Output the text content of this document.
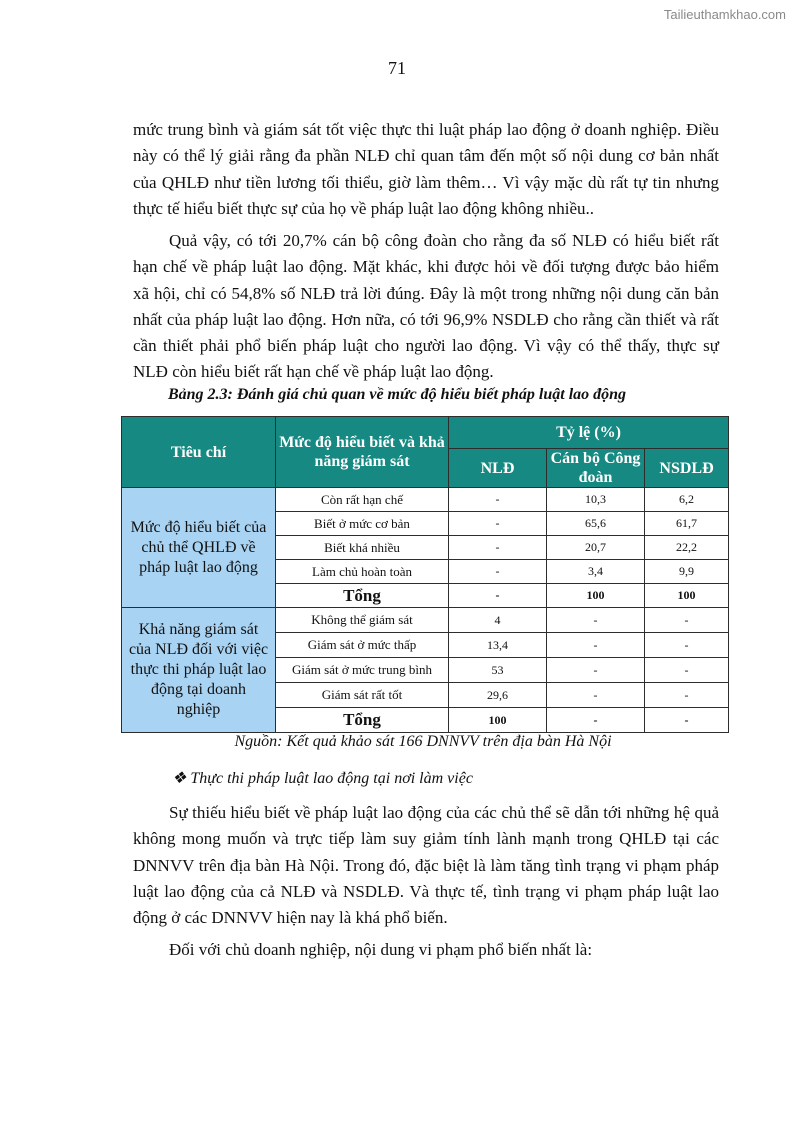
Tailieuthamkhao.com
71

mức trung bình và giám sát tốt việc thực thi luật pháp lao động ở doanh nghiệp. Điều này có thể lý giải rằng đa phần NLĐ chỉ quan tâm đến một số nội dung cơ bản nhất của QHLĐ như tiền lương tối thiểu, giờ làm thêm… Vì vậy mặc dù rất tự tin nhưng thực tế hiểu biết thực sự của họ về pháp luật lao động không nhiều..

Quả vậy, có tới 20,7% cán bộ công đoàn cho rằng đa số NLĐ có hiểu biết rất hạn chế về pháp luật lao động. Mặt khác, khi được hỏi về đối tượng được bảo hiểm xã hội, chỉ có 54,8% số NLĐ trả lời đúng. Đây là một trong những nội dung căn bản nhất của pháp luật lao động. Hơn nữa, có tới 96,9% NSDLĐ cho rằng cần thiết và rất cần thiết phải phổ biến pháp luật cho người lao động. Vì vậy có thể thấy, thực sự NLĐ còn hiểu biết rất hạn chế về pháp luật lao động.

Bảng 2.3: Đánh giá chủ quan về mức độ hiểu biết pháp luật lao động
Tiêu chí	Mức độ hiểu biết và khả năng giám sát	Tỷ lệ (%)		
		NLĐ	Cán bộ Công đoàn	NSDLĐ
Mức độ hiểu biết của chủ thể QHLĐ về pháp luật lao động	Còn rất hạn chế	-	10,3	6,2
	Biết ở mức cơ bản	-	65,6	61,7
	Biết khá nhiều	-	20,7	22,2
	Làm chủ hoàn toàn	-	3,4	9,9
	Tổng	-	100	100
Khả năng giám sát của NLĐ đối với việc thực thi pháp luật lao động tại doanh nghiệp	Không thể giám sát	4	-	-
	Giám sát ở mức thấp	13,4	-	-
	Giám sát ở mức trung bình	53	-	-
	Giám sát rất tốt	29,6	-	-
	Tổng	100	-	-
Nguồn: Kết quả khảo sát 166 DNNVV trên địa bàn Hà Nội
❖ Thực thi pháp luật lao động tại nơi làm việc

Sự thiếu hiểu biết về pháp luật lao động của các chủ thể sẽ dẫn tới những hệ quả không mong muốn và trực tiếp làm suy giảm tính lành mạnh trong QHLĐ tại các DNNVV trên địa bàn Hà Nội. Trong đó, đặc biệt là làm tăng tình trạng vi phạm pháp luật lao động của cả NLĐ và NSDLĐ. Và thực tế, tình trạng vi phạm pháp luật lao động ở các DNNVV hiện nay là khá phổ biến.

Đối với chủ doanh nghiệp, nội dung vi phạm phổ biến nhất là:
